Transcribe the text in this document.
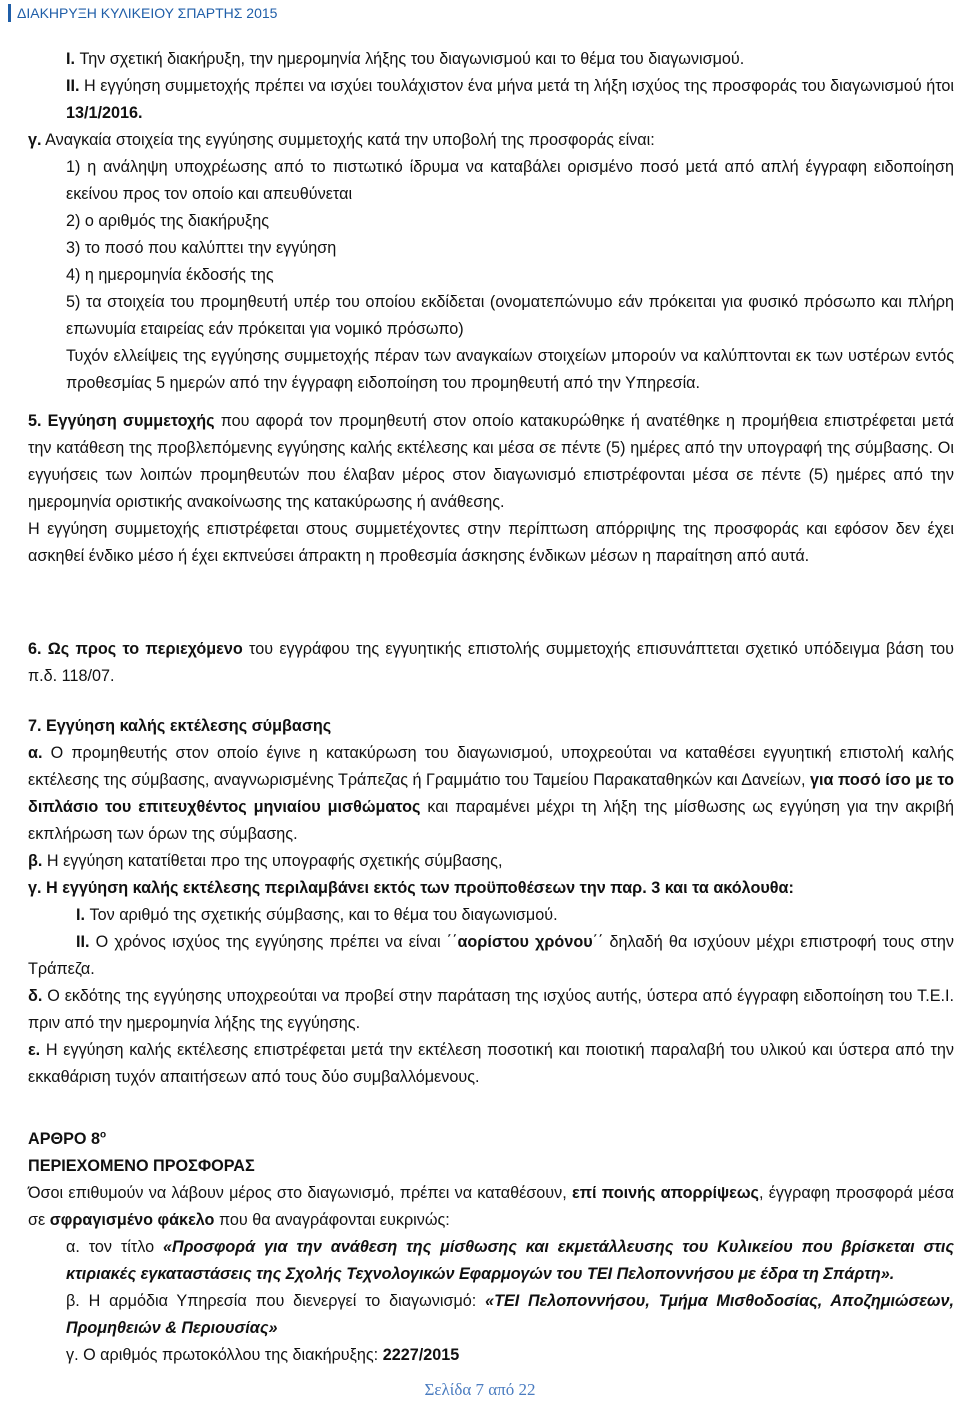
ΔΙΑΚΗΡΥΞΗ ΚΥΛΙΚΕΙΟΥ ΣΠΑΡΤΗΣ 2015

I. Την σχετική διακήρυξη, την ημερομηνία λήξης του διαγωνισμού και το θέμα του διαγωνισμού.

II. Η εγγύηση συμμετοχής πρέπει να ισχύει τουλάχιστον ένα μήνα μετά τη λήξη ισχύος της προσφοράς του διαγωνισμού ήτοι 13/1/2016.

γ. Αναγκαία στοιχεία της εγγύησης συμμετοχής κατά την υποβολή της προσφοράς είναι:

1) η ανάληψη υποχρέωσης από το πιστωτικό ίδρυμα να καταβάλει ορισμένο ποσό μετά από απλή έγγραφη ειδοποίηση εκείνου προς τον οποίο και απευθύνεται

2) ο αριθμός της διακήρυξης

3) το ποσό που καλύπτει την εγγύηση

4) η ημερομηνία έκδοσής της

5) τα στοιχεία του προμηθευτή υπέρ του οποίου εκδίδεται (ονοματεπώνυμο εάν πρόκειται για φυσικό πρόσωπο και πλήρη επωνυμία εταιρείας εάν πρόκειται για νομικό πρόσωπο)

Τυχόν ελλείψεις της εγγύησης συμμετοχής πέραν των αναγκαίων στοιχείων μπορούν να καλύπτονται εκ των υστέρων εντός προθεσμίας 5 ημερών από την έγγραφη ειδοποίηση του προμηθευτή από την Υπηρεσία.

5. Εγγύηση συμμετοχής που αφορά τον προμηθευτή στον οποίο κατακυρώθηκε ή ανατέθηκε η προμήθεια επιστρέφεται μετά την κατάθεση της προβλεπόμενης εγγύησης καλής εκτέλεσης και μέσα σε πέντε (5) ημέρες από την υπογραφή της σύμβασης. Οι εγγυήσεις των λοιπών προμηθευτών που έλαβαν μέρος στον διαγωνισμό επιστρέφονται μέσα σε πέντε (5) ημέρες από την ημερομηνία οριστικής ανακοίνωσης της κατακύρωσης ή ανάθεσης.

Η εγγύηση συμμετοχής επιστρέφεται στους συμμετέχοντες στην περίπτωση απόρριψης της προσφοράς και εφόσον δεν έχει ασκηθεί ένδικο μέσο ή έχει εκπνεύσει άπρακτη η προθεσμία άσκησης ένδικων μέσων η παραίτηση από αυτά.

6. Ως προς το περιεχόμενο του εγγράφου της εγγυητικής επιστολής συμμετοχής επισυνάπτεται σχετικό υπόδειγμα βάση του π.δ. 118/07.

7. Εγγύηση καλής εκτέλεσης σύμβασης

α. Ο προμηθευτής στον οποίο έγινε η κατακύρωση του διαγωνισμού, υποχρεούται να καταθέσει εγγυητική επιστολή καλής εκτέλεσης της σύμβασης, αναγνωρισμένης Τράπεζας ή Γραμμάτιο του Ταμείου Παρακαταθηκών και Δανείων, για ποσό ίσο με το διπλάσιο του επιτευχθέντος μηνιαίου μισθώματος και παραμένει μέχρι τη λήξη της μίσθωσης ως εγγύηση για την ακριβή εκπλήρωση των όρων της σύμβασης.

β. Η εγγύηση κατατίθεται προ της υπογραφής σχετικής σύμβασης,

γ. Η εγγύηση καλής εκτέλεσης περιλαμβάνει εκτός των προϋποθέσεων την παρ. 3 και τα ακόλουθα:

I. Τον αριθμό της σχετικής σύμβασης, και το θέμα του διαγωνισμού.

II. Ο χρόνος ισχύος της εγγύησης πρέπει να είναι ΄΄αορίστου χρόνου΄΄ δηλαδή θα ισχύουν μέχρι επιστροφή τους στην Τράπεζα.

δ. Ο εκδότης της εγγύησης υποχρεούται να προβεί στην παράταση της ισχύος αυτής, ύστερα από έγγραφη ειδοποίηση του Τ.Ε.Ι. πριν από την ημερομηνία λήξης της εγγύησης.

ε. Η εγγύηση καλής εκτέλεσης επιστρέφεται μετά την εκτέλεση ποσοτική και ποιοτική παραλαβή του υλικού και ύστερα από την εκκαθάριση τυχόν απαιτήσεων από τους δύο συμβαλλόμενους.

ΑΡΘΡΟ $8^o$

ΠΕΡΙΕΧΟΜΕΝΟ ΠΡΟΣΦΟΡΑΣ

Όσοι επιθυμούν να λάβουν μέρος στο διαγωνισμό, πρέπει να καταθέσουν, επί ποινής απορρίψεως, έγγραφη προσφορά μέσα σε σφραγισμένο φάκελο που θα αναγράφονται ευκρινώς:

α. τον τίτλο «Προσφορά για την ανάθεση της μίσθωσης και εκμετάλλευσης του Κυλικείου που βρίσκεται στις κτιριακές εγκαταστάσεις της Σχολής Τεχνολογικών Εφαρμογών του ΤΕΙ Πελοποννήσου με έδρα τη Σπάρτη».

β. Η αρμόδια Υπηρεσία που διενεργεί το διαγωνισμό: «ΤΕΙ Πελοποννήσου, Τμήμα Μισθοδοσίας, Αποζημιώσεων, Προμηθειών & Περιουσίας»

γ. Ο αριθμός πρωτοκόλλου της διακήρυξης: 2227/2015

Σελίδα 7 από 22
